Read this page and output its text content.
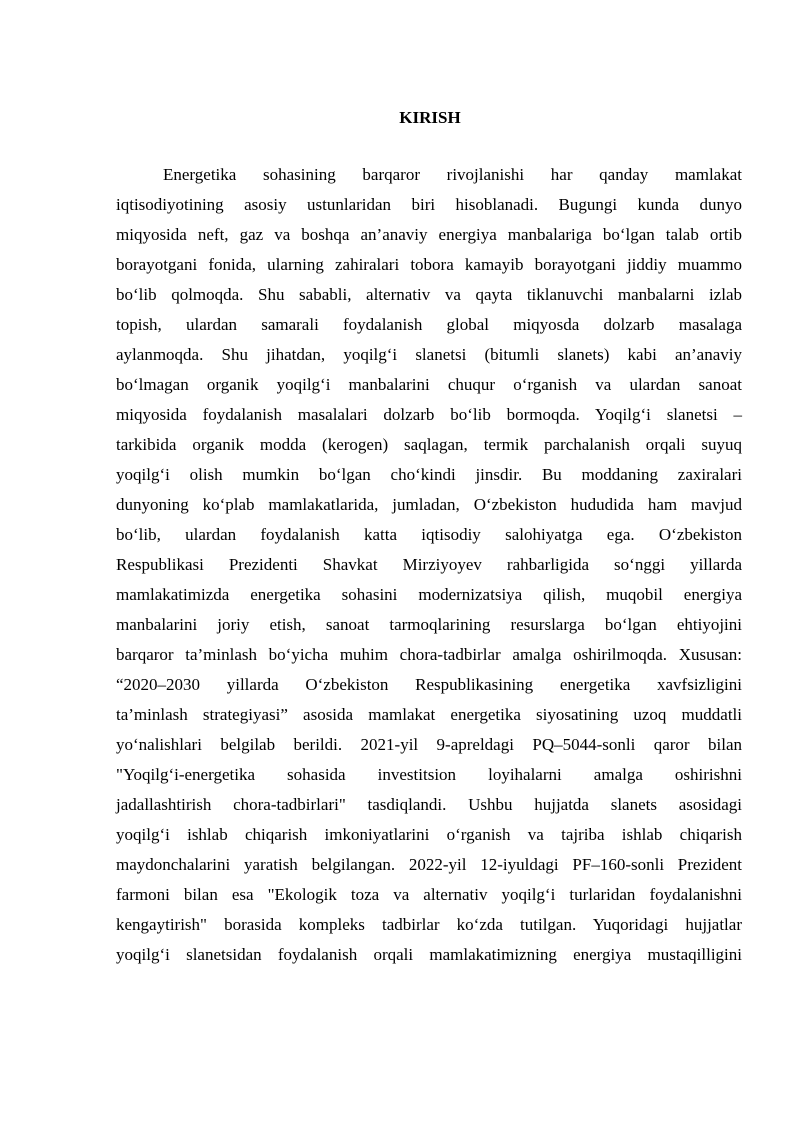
KIRISH
Energetika sohasining barqaror rivojlanishi har qanday mamlakat
iqtisodiyotining asosiy ustunlaridan biri hisoblanadi. Bugungi kunda dunyo
miqyosida neft, gaz va boshqa an’anaviy energiya manbalariga bo‘lgan talab ortib
borayotgani fonida, ularning zahiralari tobora kamayib borayotgani jiddiy muammo
bo‘lib qolmoqda. Shu sababli, alternativ va qayta tiklanuvchi manbalarni izlab
topish, ulardan samarali foydalanish global miqyosda dolzarb masalaga
aylanmoqda. Shu jihatdan, yoqilg‘i slanetsi (bitumli slanets) kabi an’anaviy
bo‘lmagan organik yoqilg‘i manbalarini chuqur o‘rganish va ulardan sanoat
miqyosida foydalanish masalalari dolzarb bo‘lib bormoqda. Yoqilg‘i slanetsi –
tarkibida organik modda (kerogen) saqlagan, termik parchalanish orqali suyuq
yoqilg‘i olish mumkin bo‘lgan cho‘kindi jinsdir. Bu moddaning zaxiralari
dunyoning ko‘plab mamlakatlarida, jumladan, O‘zbekiston hududida ham mavjud
bo‘lib, ulardan foydalanish katta iqtisodiy salohiyatga ega. O‘zbekiston
Respublikasi Prezidenti Shavkat Mirziyoyev rahbarligida so‘nggi yillarda
mamlakatimizda energetika sohasini modernizatsiya qilish, muqobil energiya
manbalarini joriy etish, sanoat tarmoqlarining resurslarga bo‘lgan ehtiyojini
barqaror ta’minlash bo‘yicha muhim chora-tadbirlar amalga oshirilmoqda. Xususan:
“2020–2030 yillarda O‘zbekiston Respublikasining energetika xavfsizligini
ta’minlash strategiyasi” asosida mamlakat energetika siyosatining uzoq muddatli
yo‘nalishlari belgilab berildi. 2021-yil 9-apreldagi PQ–5044-sonli qaror bilan
"Yoqilg‘i-energetika sohasida investitsion loyihalarni amalga oshirishni
jadallashtirish chora-tadbirlari" tasdiqlandi. Ushbu hujjatda slanets asosidagi
yoqilg‘i ishlab chiqarish imkoniyatlarini o‘rganish va tajriba ishlab chiqarish
maydonchalarini yaratish belgilangan. 2022-yil 12-iyuldagi PF–160-sonli Prezident
farmoni bilan esa "Ekologik toza va alternativ yoqilg‘i turlaridan foydalanishni
kengaytirish" borasida kompleks tadbirlar ko‘zda tutilgan. Yuqoridagi hujjatlar
yoqilg‘i slanetsidan foydalanish orqali mamlakatimizning energiya mustaqilligini
